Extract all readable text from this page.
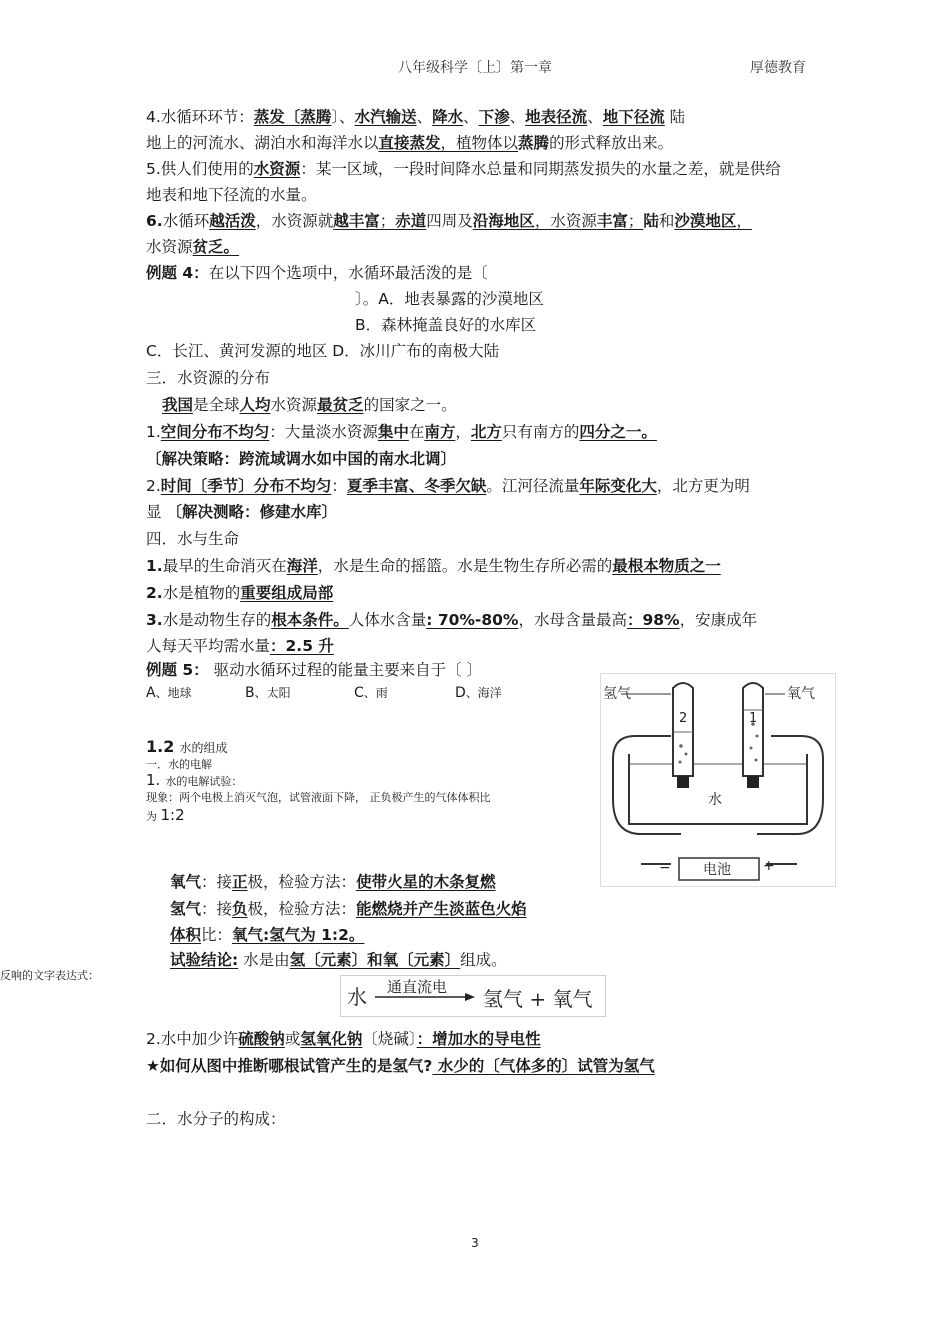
八年级科学〔上〕第一章	厚德教育
4.水循环环节：蒸发〔蒸腾〕、水汽输送、降水、下渗、地表径流、地下径流 陆
地上的河流水、湖泊水和海洋水以直接蒸发，植物体以蒸腾的形式释放出来。
5.供人们使用的水资源：某一区域，一段时间降水总量和同期蒸发损失的水量之差，就是供给
地表和地下径流的水量。
6.水循环越活泼，水资源就越丰富；赤道四周及沿海地区，水资源丰富；陆和沙漠地区，
水资源贫乏。
例题 4：在以下四个选项中，水循环最活泼的是〔
〕。A．地表暴露的沙漠地区
B．森林掩盖良好的水库区
C．长江、黄河发源的地区 D．冰川广布的南极大陆
三．水资源的分布
我国是全球人均水资源最贫乏的国家之一。
1.空间分布不均匀：大量淡水资源集中在南方，北方只有南方的四分之一。
〔解决策略：跨流域调水如中国的南水北调〕
2.时间〔季节〕分布不均匀：夏季丰富、冬季欠缺。江河径流量年际变化大，北方更为明
显 〔解决测略：修建水库〕
四．水与生命
1.最早的生命消灭在海洋，水是生命的摇篮。水是生物生存所必需的最根本物质之一
2.水是植物的重要组成局部
3.水是动物生存的根本条件。人体水含量: 70%-80%，水母含量最高：98%，安康成年
人每天平均需水量：2.5 升
例题 5： 驱动水循环过程的能量主要来自于〔 〕
A、地球	B、太阳	C、雨	D、海洋
1.2 水的组成
一．水的电解
1. 水的电解试验：
现象：两个电极上消灭气泡，试管液面下降， 正负极产生的气体体积比
为 1:2
氢气	氧气
2	1
水
电池
−	+
氧气：接正极，检验方法：使带火星的木条复燃
氢气：接负极，检验方法：能燃烧并产生淡蓝色火焰
体积比：氧气:氢气为 1:2。
试验结论: 水是由氢〔元素〕和氧〔元素〕组成。
反响的文字表达式：
水 通直流电 氢气 + 氧气
2.水中加少许硫酸钠或氢氧化钠〔烧碱〕：增加水的导电性
★如何从图中推断哪根试管产生的是氢气? 水少的〔气体多的〕试管为氢气
二．水分子的构成：
3
